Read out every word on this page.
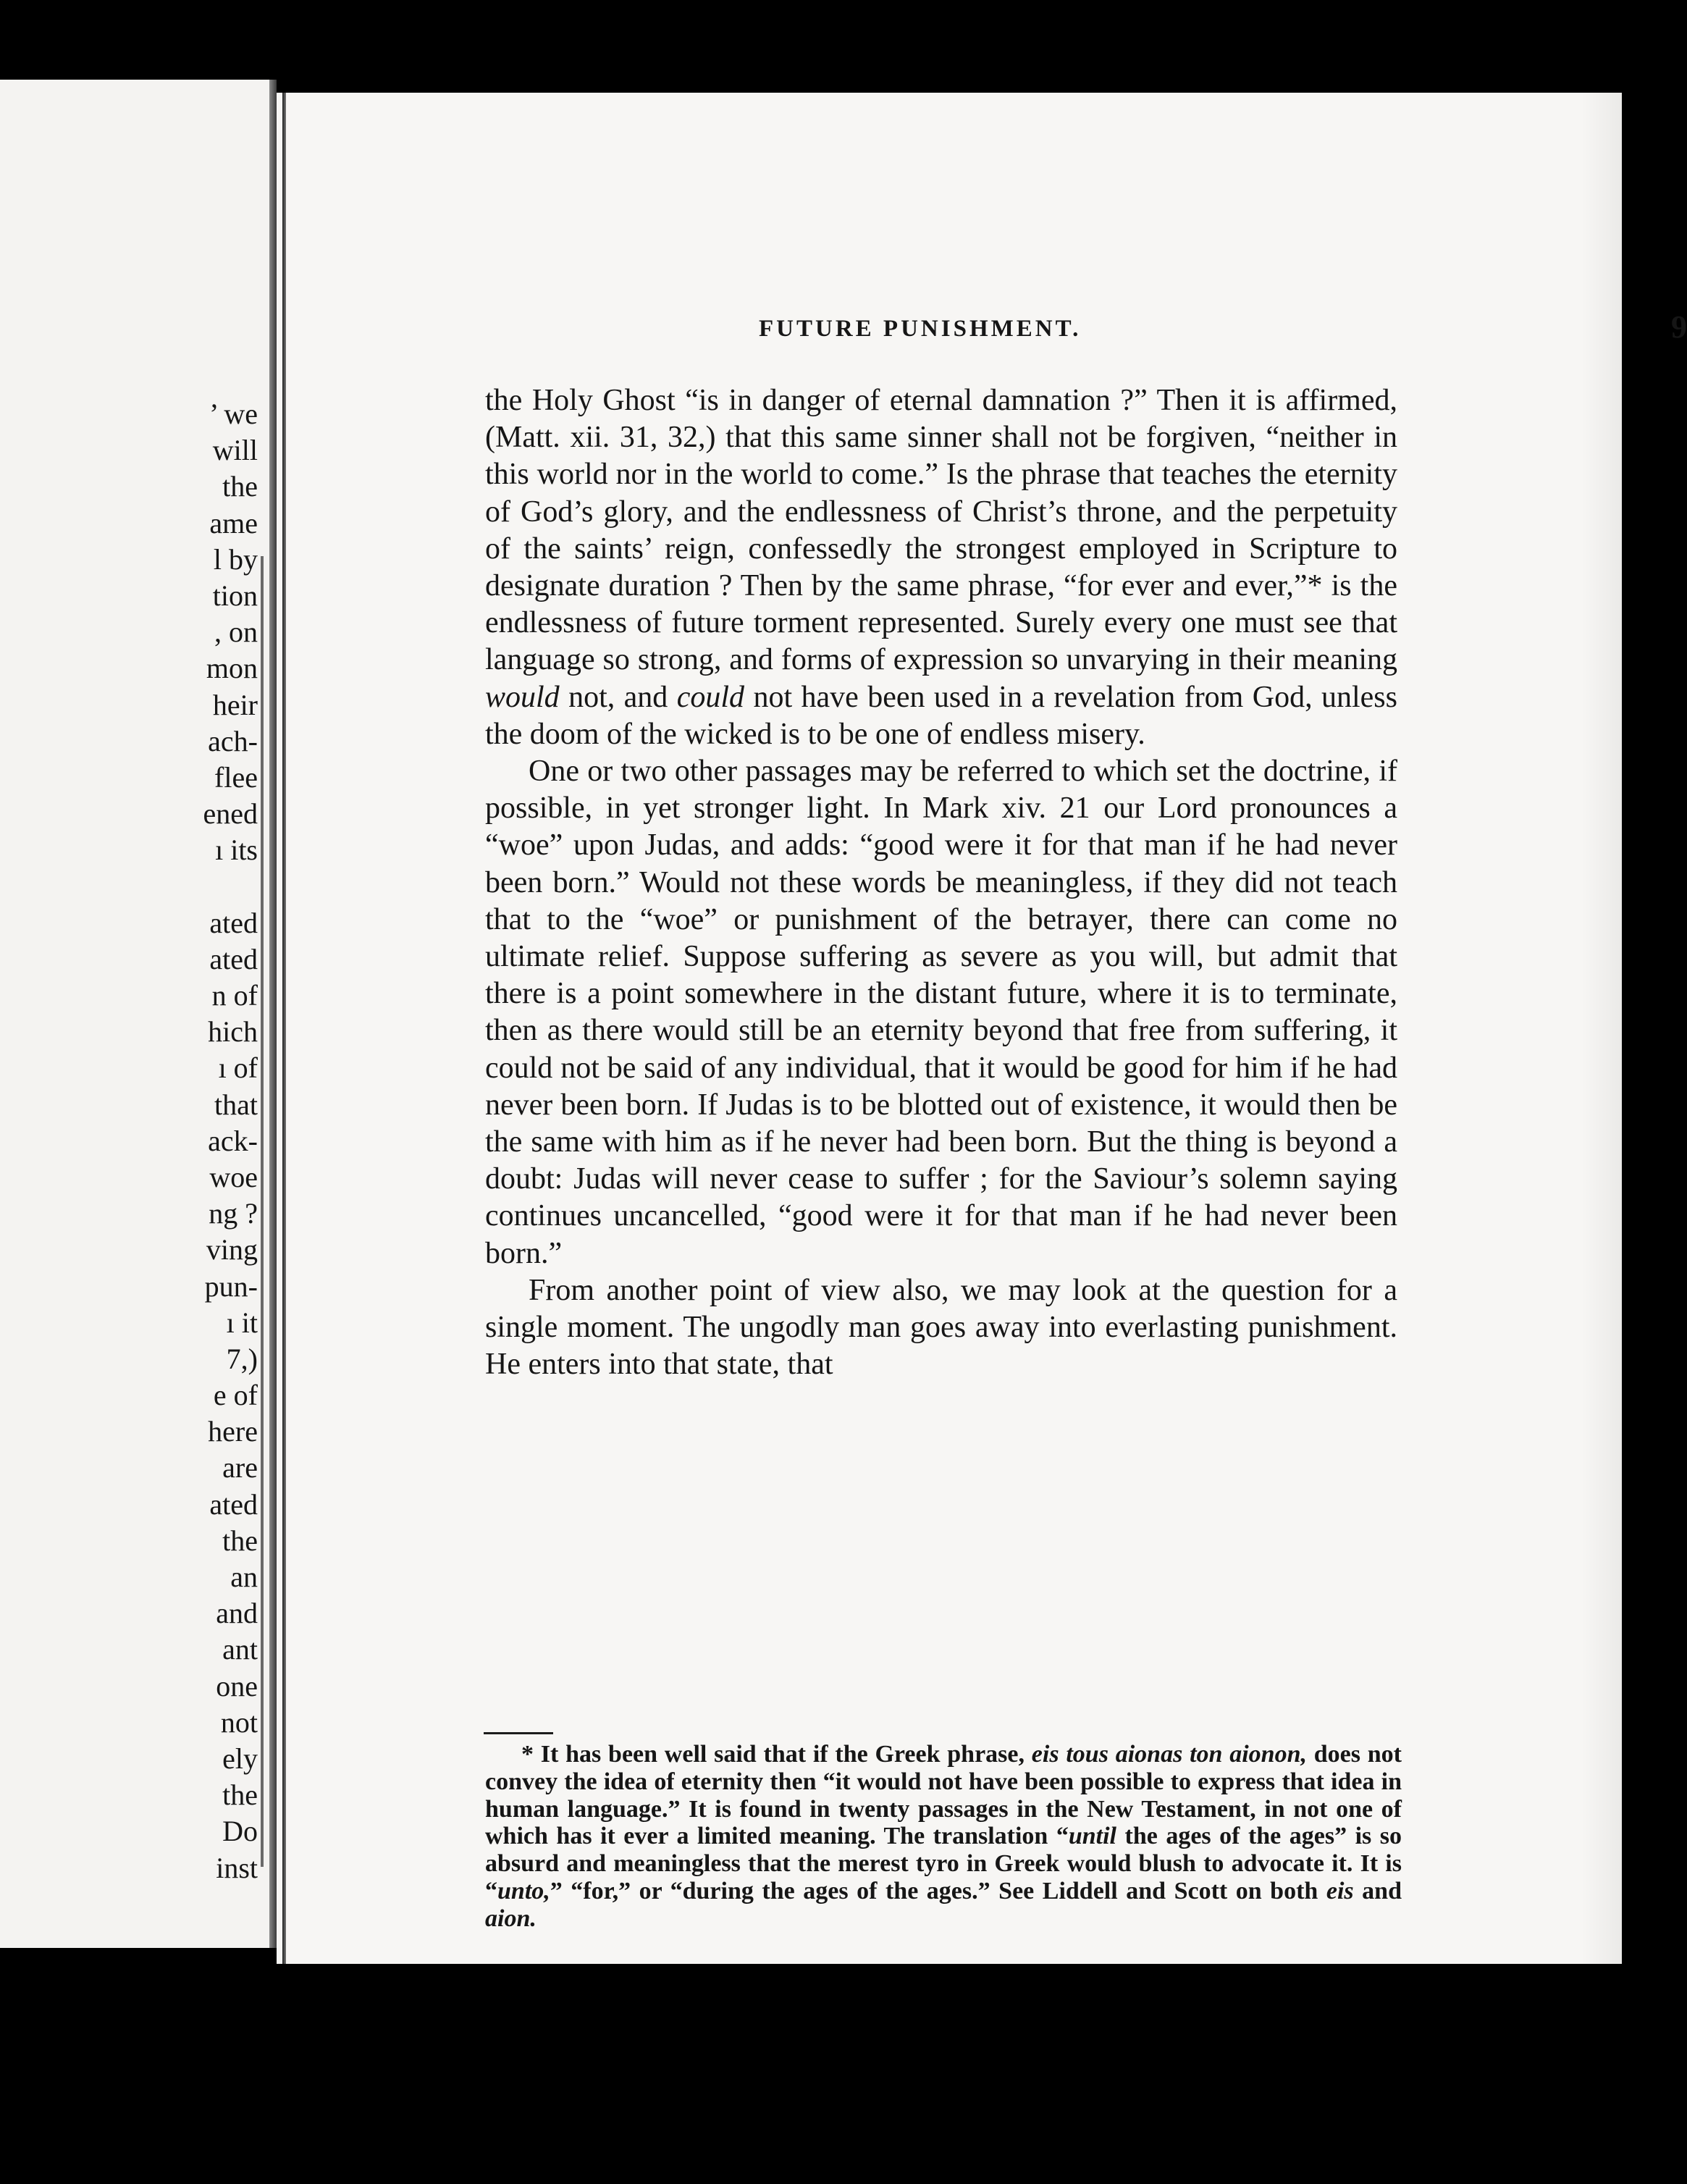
’ we
will
the
ame
l by
tion
, on
mon
heir
ach-
flee
ened
ı its
ated
ated
n of
hich
ı of
that
ack-
woe
ng ?
ving
pun-
ı it
7,)
e of
here
are
ated
the
an
and
ant
one
not
ely
the
Do
inst
FUTURE PUNISHMENT.	9

the Holy Ghost “is in danger of eternal damnation ?” Then it is affirmed, (Matt. xii. 31, 32,) that this same sinner shall not be forgiven, “neither in this world nor in the world to come.” Is the phrase that teaches the eternity of God’s glory, and the endlessness of Christ’s throne, and the perpetuity of the saints’ reign, confessedly the strongest employed in Scripture to designate duration ? Then by the same phrase, “for ever and ever,”* is the endlessness of future torment represented. Surely every one must see that language so strong, and forms of expression so unvarying in their meaning would not, and could not have been used in a revelation from God, unless the doom of the wicked is to be one of endless misery.

One or two other passages may be referred to which set the doctrine, if possible, in yet stronger light. In Mark xiv. 21 our Lord pronounces a “woe” upon Judas, and adds: “good were it for that man if he had never been born.” Would not these words be meaningless, if they did not teach that to the “woe” or punishment of the betrayer, there can come no ultimate relief. Suppose suffering as severe as you will, but admit that there is a point somewhere in the distant future, where it is to terminate, then as there would still be an eternity beyond that free from suffering, it could not be said of any individual, that it would be good for him if he had never been born. If Judas is to be blotted out of existence, it would then be the same with him as if he never had been born. But the thing is beyond a doubt: Judas will never cease to suffer ; for the Saviour’s solemn saying continues uncancelled, “good were it for that man if he had never been born.”

From another point of view also, we may look at the question for a single moment. The ungodly man goes away into everlasting punishment. He enters into that state, that

* It has been well said that if the Greek phrase, eis tous aionas ton aionon, does not convey the idea of eternity then “it would not have been possible to express that idea in human language.” It is found in twenty passages in the New Testament, in not one of which has it ever a limited meaning. The translation “until the ages of the ages” is so absurd and meaningless that the merest tyro in Greek would blush to advocate it. It is “unto,” “for,” or “during the ages of the ages.” See Liddell and Scott on both eis and aion.
